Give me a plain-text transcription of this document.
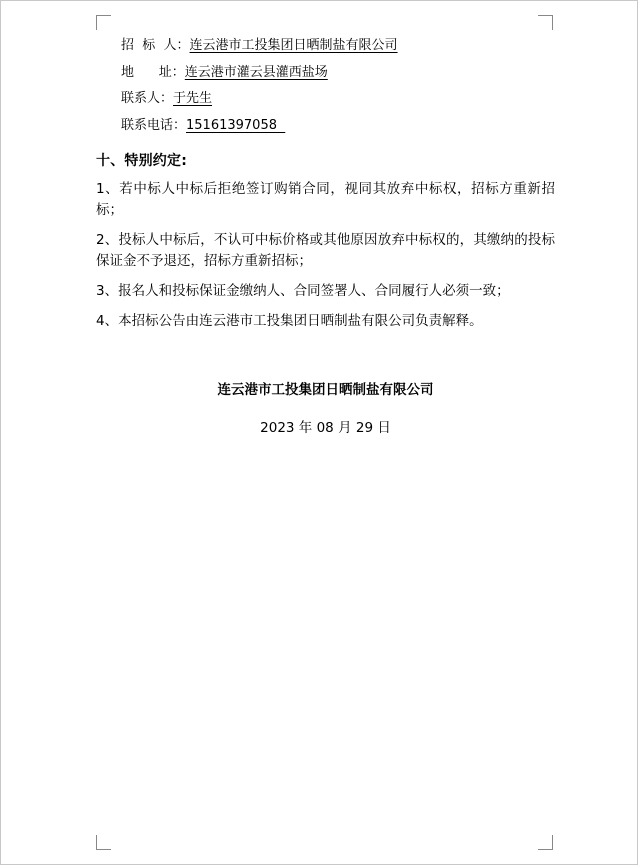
招  标  人： 连云港市工投集团日晒制盐有限公司
地      址： 连云港市灌云县灌西盐场
联系人： 于先生
联系电话： 15161397058
十、特别约定:
1、若中标人中标后拒绝签订购销合同，视同其放弃中标权，招标方重新招标；
2、投标人中标后，不认可中标价格或其他原因放弃中标权的，其缴纳的投标保证金不予退还，招标方重新招标；
3、报名人和投标保证金缴纳人、合同签署人、合同履行人必须一致；
4、本招标公告由连云港市工投集团日晒制盐有限公司负责解释。
连云港市工投集团日晒制盐有限公司
2023 年 08 月 29 日
